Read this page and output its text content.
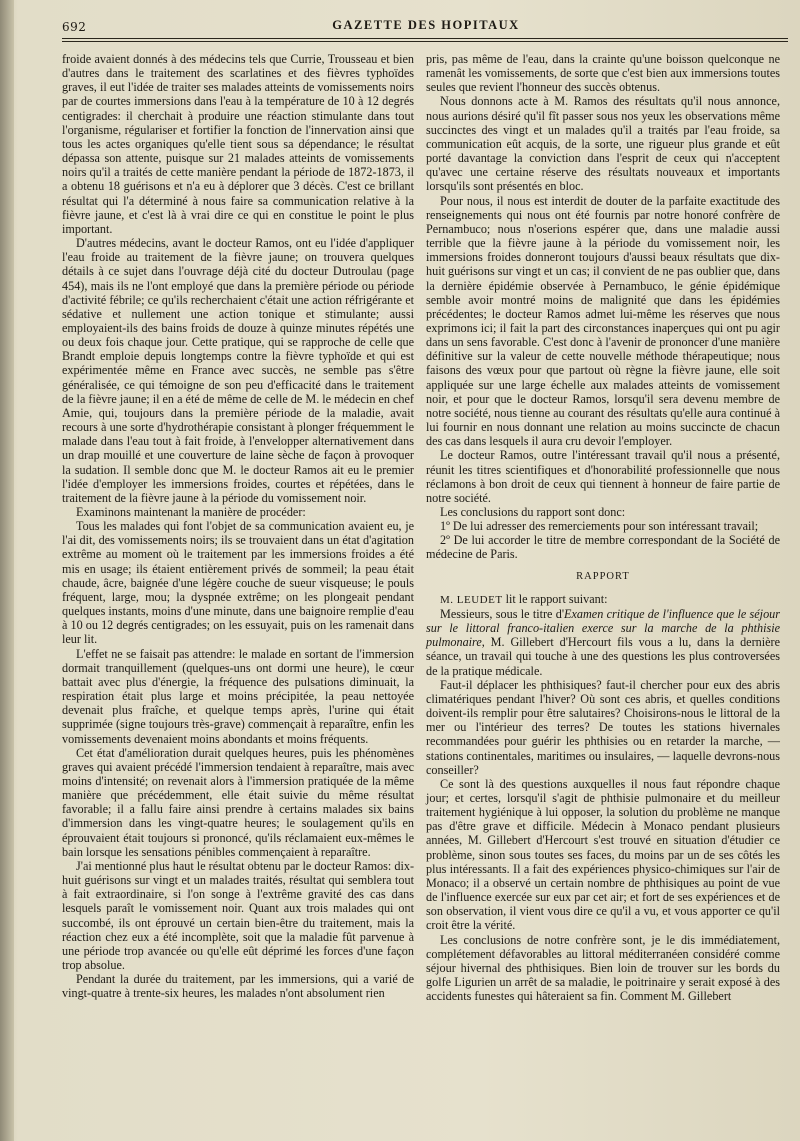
692	GAZETTE DES HOPITAUX

froide avaient donnés à des médecins tels que Currie, Trousseau et bien d'autres dans le traitement des scarlatines et des fièvres typhoïdes graves, il eut l'idée de traiter ses malades atteints de vomissements noirs par de courtes immersions dans l'eau à la température de 10 à 12 degrés centigrades: il cherchait à produire une réaction stimulante dans tout l'organisme, régulariser et fortifier la fonction de l'innervation ainsi que tous les actes organiques qu'elle tient sous sa dépendance; le résultat dépassa son attente, puisque sur 21 malades atteints de vomissements noirs qu'il a traités de cette manière pendant la période de 1872-1873, il a obtenu 18 guérisons et n'a eu à déplorer que 3 décès. C'est ce brillant résultat qui l'a déterminé à nous faire sa communication relative à la fièvre jaune, et c'est là à vrai dire ce qui en constitue le point le plus important.

D'autres médecins, avant le docteur Ramos, ont eu l'idée d'appliquer l'eau froide au traitement de la fièvre jaune; on trouvera quelques détails à ce sujet dans l'ouvrage déjà cité du docteur Dutroulau (page 454), mais ils ne l'ont employé que dans la première période ou période d'activité fébrile; ce qu'ils recherchaient c'était une action réfrigérante et sédative et nullement une action tonique et stimulante; aussi employaient-ils des bains froids de douze à quinze minutes répétés une ou deux fois chaque jour. Cette pratique, qui se rapproche de celle que Brandt emploie depuis longtemps contre la fièvre typhoïde et qui est expérimentée même en France avec succès, ne semble pas s'être généralisée, ce qui témoigne de son peu d'efficacité dans le traitement de la fièvre jaune; il en a été de même de celle de M. le médecin en chef Amie, qui, toujours dans la première période de la maladie, avait recours à une sorte d'hydrothérapie consistant à plonger fréquemment le malade dans l'eau tout à fait froide, à l'envelopper alternativement dans un drap mouillé et une couverture de laine sèche de façon à provoquer la sudation. Il semble donc que M. le docteur Ramos ait eu le premier l'idée d'employer les immersions froides, courtes et répétées, dans le traitement de la fièvre jaune à la période du vomissement noir.

Examinons maintenant la manière de procéder:

Tous les malades qui font l'objet de sa communication avaient eu, je l'ai dit, des vomissements noirs; ils se trouvaient dans un état d'agitation extrême au moment où le traitement par les immersions froides a été mis en usage; ils étaient entièrement privés de sommeil; la peau était chaude, âcre, baignée d'une légère couche de sueur visqueuse; le pouls fréquent, large, mou; la dyspnée extrême; on les plongeait pendant quelques instants, moins d'une minute, dans une baignoire remplie d'eau à 10 ou 12 degrés centigrades; on les essuyait, puis on les ramenait dans leur lit.

L'effet ne se faisait pas attendre: le malade en sortant de l'immersion dormait tranquillement (quelques-uns ont dormi une heure), le cœur battait avec plus d'énergie, la fréquence des pulsations diminuait, la respiration était plus large et moins précipitée, la peau nettoyée devenait plus fraîche, et quelque temps après, l'urine qui était supprimée (signe toujours très-grave) commençait à reparaître, enfin les vomissements devenaient moins abondants et moins fréquents.

Cet état d'amélioration durait quelques heures, puis les phénomènes graves qui avaient précédé l'immersion tendaient à reparaître, mais avec moins d'intensité; on revenait alors à l'immersion pratiquée de la même manière que précédemment, elle était suivie du même résultat favorable; il a fallu faire ainsi prendre à certains malades six bains d'immersion dans les vingt-quatre heures; le soulagement qu'ils en éprouvaient était toujours si prononcé, qu'ils réclamaient eux-mêmes le bain lorsque les sensations pénibles commençaient à reparaître.

J'ai mentionné plus haut le résultat obtenu par le docteur Ramos: dix-huit guérisons sur vingt et un malades traités, résultat qui semblera tout à fait extraordinaire, si l'on songe à l'extrême gravité des cas dans lesquels paraît le vomissement noir. Quant aux trois malades qui ont succombé, ils ont éprouvé un certain bien-être du traitement, mais la réaction chez eux a été incomplète, soit que la maladie fût parvenue à une période trop avancée ou qu'elle eût déprimé les forces d'une façon trop absolue.

Pendant la durée du traitement, par les immersions, qui a varié de vingt-quatre à trente-six heures, les malades n'ont absolument rien

pris, pas même de l'eau, dans la crainte qu'une boisson quelconque ne ramenât les vomissements, de sorte que c'est bien aux immersions toutes seules que revient l'honneur des succès obtenus.

Nous donnons acte à M. Ramos des résultats qu'il nous annonce, nous aurions désiré qu'il fît passer sous nos yeux les observations même succinctes des vingt et un malades qu'il a traités par l'eau froide, sa communication eût acquis, de la sorte, une rigueur plus grande et eût porté davantage la conviction dans l'esprit de ceux qui n'acceptent qu'avec une certaine réserve des résultats nouveaux et importants lorsqu'ils sont présentés en bloc.

Pour nous, il nous est interdit de douter de la parfaite exactitude des renseignements qui nous ont été fournis par notre honoré confrère de Pernambuco; nous n'oserions espérer que, dans une maladie aussi terrible que la fièvre jaune à la période du vomissement noir, les immersions froides donneront toujours d'aussi beaux résultats que dix-huit guérisons sur vingt et un cas; il convient de ne pas oublier que, dans la dernière épidémie observée à Pernambuco, le génie épidémique semble avoir montré moins de malignité que dans les épidémies précédentes; le docteur Ramos admet lui-même les réserves que nous exprimons ici; il fait la part des circonstances inaperçues qui ont pu agir dans un sens favorable. C'est donc à l'avenir de prononcer d'une manière définitive sur la valeur de cette nouvelle méthode thérapeutique; nous faisons des vœux pour que partout où règne la fièvre jaune, elle soit appliquée sur une large échelle aux malades atteints de vomissement noir, et pour que le docteur Ramos, lorsqu'il sera devenu membre de notre société, nous tienne au courant des résultats qu'elle aura continué à lui fournir en nous donnant une relation au moins succincte de chacun des cas dans lesquels il aura cru devoir l'employer.

Le docteur Ramos, outre l'intéressant travail qu'il nous a présenté, réunit les titres scientifiques et d'honorabilité professionnelle que nous réclamons à bon droit de ceux qui tiennent à honneur de faire partie de notre société.

Les conclusions du rapport sont donc:

1º De lui adresser des remerciements pour son intéressant travail;

2º De lui accorder le titre de membre correspondant de la Société de médecine de Paris.

RAPPORT

M. LEUDET lit le rapport suivant:

Messieurs, sous le titre d'Examen critique de l'influence que le séjour sur le littoral franco-italien exerce sur la marche de la phthisie pulmonaire, M. Gillebert d'Hercourt fils vous a lu, dans la dernière séance, un travail qui touche à une des questions les plus controversées de la pratique médicale.

Faut-il déplacer les phthisiques? faut-il chercher pour eux des abris climatériques pendant l'hiver? Où sont ces abris, et quelles conditions doivent-ils remplir pour être salutaires? Choisirons-nous le littoral de la mer ou l'intérieur des terres? De toutes les stations hivernales recommandées pour guérir les phthisies ou en retarder la marche, — stations continentales, maritimes ou insulaires, — laquelle devrons-nous conseiller?

Ce sont là des questions auxquelles il nous faut répondre chaque jour; et certes, lorsqu'il s'agit de phthisie pulmonaire et du meilleur traitement hygiénique à lui opposer, la solution du problème ne manque pas d'être grave et difficile. Médecin à Monaco pendant plusieurs années, M. Gillebert d'Hercourt s'est trouvé en situation d'étudier ce problème, sinon sous toutes ses faces, du moins par un de ses côtés les plus intéressants. Il a fait des expériences physico-chimiques sur l'air de Monaco; il a observé un certain nombre de phthisiques au point de vue de l'influence exercée sur eux par cet air; et fort de ses expériences et de son observation, il vient vous dire ce qu'il a vu, et vous apporter ce qu'il croit être la vérité.

Les conclusions de notre confrère sont, je le dis immédiatement, complétement défavorables au littoral méditerranéen considéré comme séjour hivernal des phthisiques. Bien loin de trouver sur les bords du golfe Ligurien un arrêt de sa maladie, le poitrinaire y serait exposé à des accidents funestes qui hâteraient sa fin. Comment M. Gillebert
